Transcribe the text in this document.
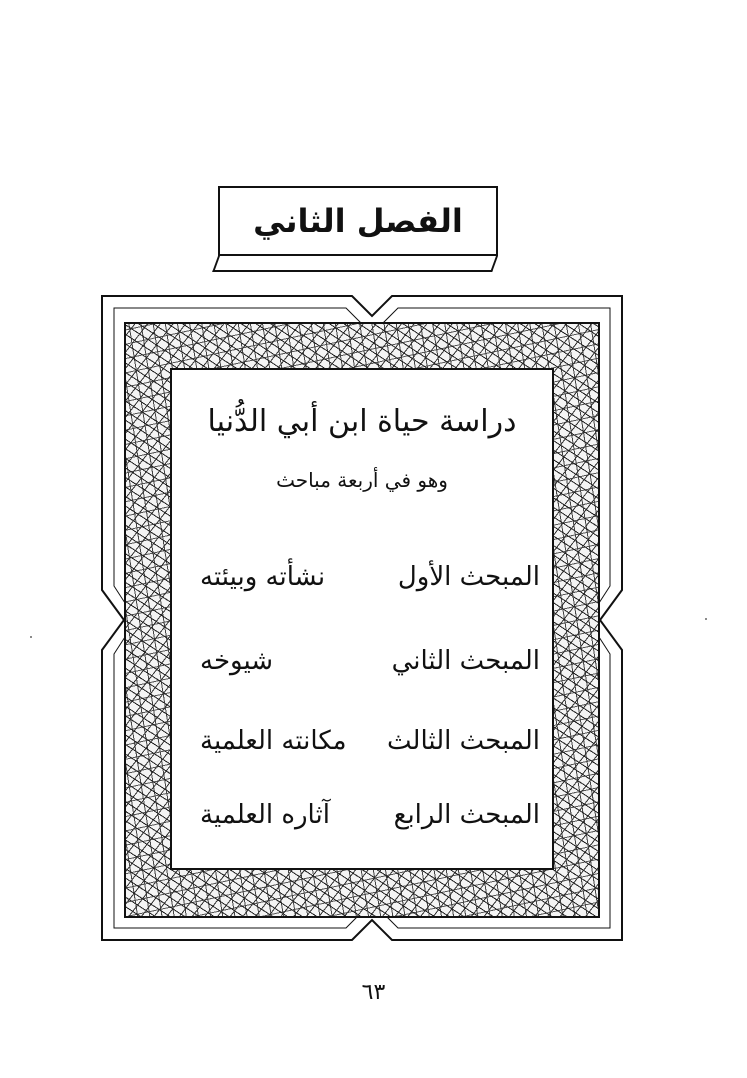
الفصل الثاني
دراسة حياة ابن أبي الدُّنيا
وهو في أربعة مباحث
المبحث الأول
نشأته وبيئته
المبحث الثاني
شيوخه
المبحث الثالث
مكانته العلمية
المبحث الرابع
آثاره العلمية
٦٣
